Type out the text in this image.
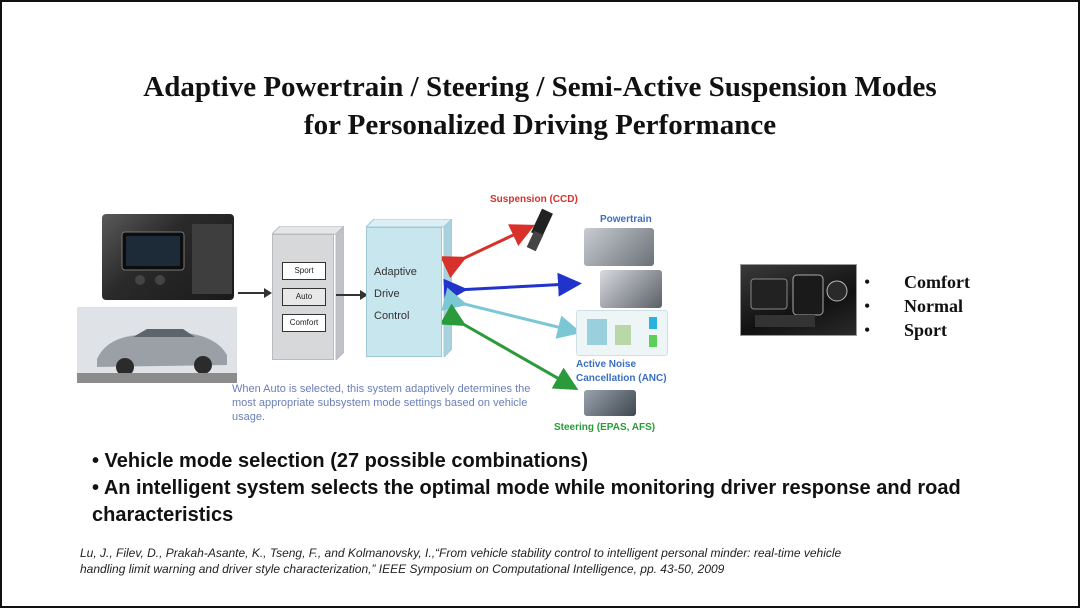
Adaptive Powertrain / Steering / Semi-Active Suspension Modes
for Personalized Driving Performance
Sport
Auto
Comfort
Adaptive
Drive
Control
Suspension (CCD)
Powertrain
Active Noise
Cancellation (ANC)
Steering (EPAS, AFS)
When Auto is selected, this system adaptively determines the most appropriate subsystem mode settings based on vehicle usage.
• Comfort
• Normal
• Sport
• Vehicle mode selection (27 possible combinations)
• An intelligent system selects the optimal mode while monitoring driver response and road characteristics
Lu, J., Filev, D., Prakah-Asante, K., Tseng, F., and Kolmanovsky, I.,“From vehicle stability control to intelligent personal minder: real-time vehicle
handling limit warning and driver style characterization,” IEEE Symposium on Computational Intelligence, pp. 43-50, 2009
